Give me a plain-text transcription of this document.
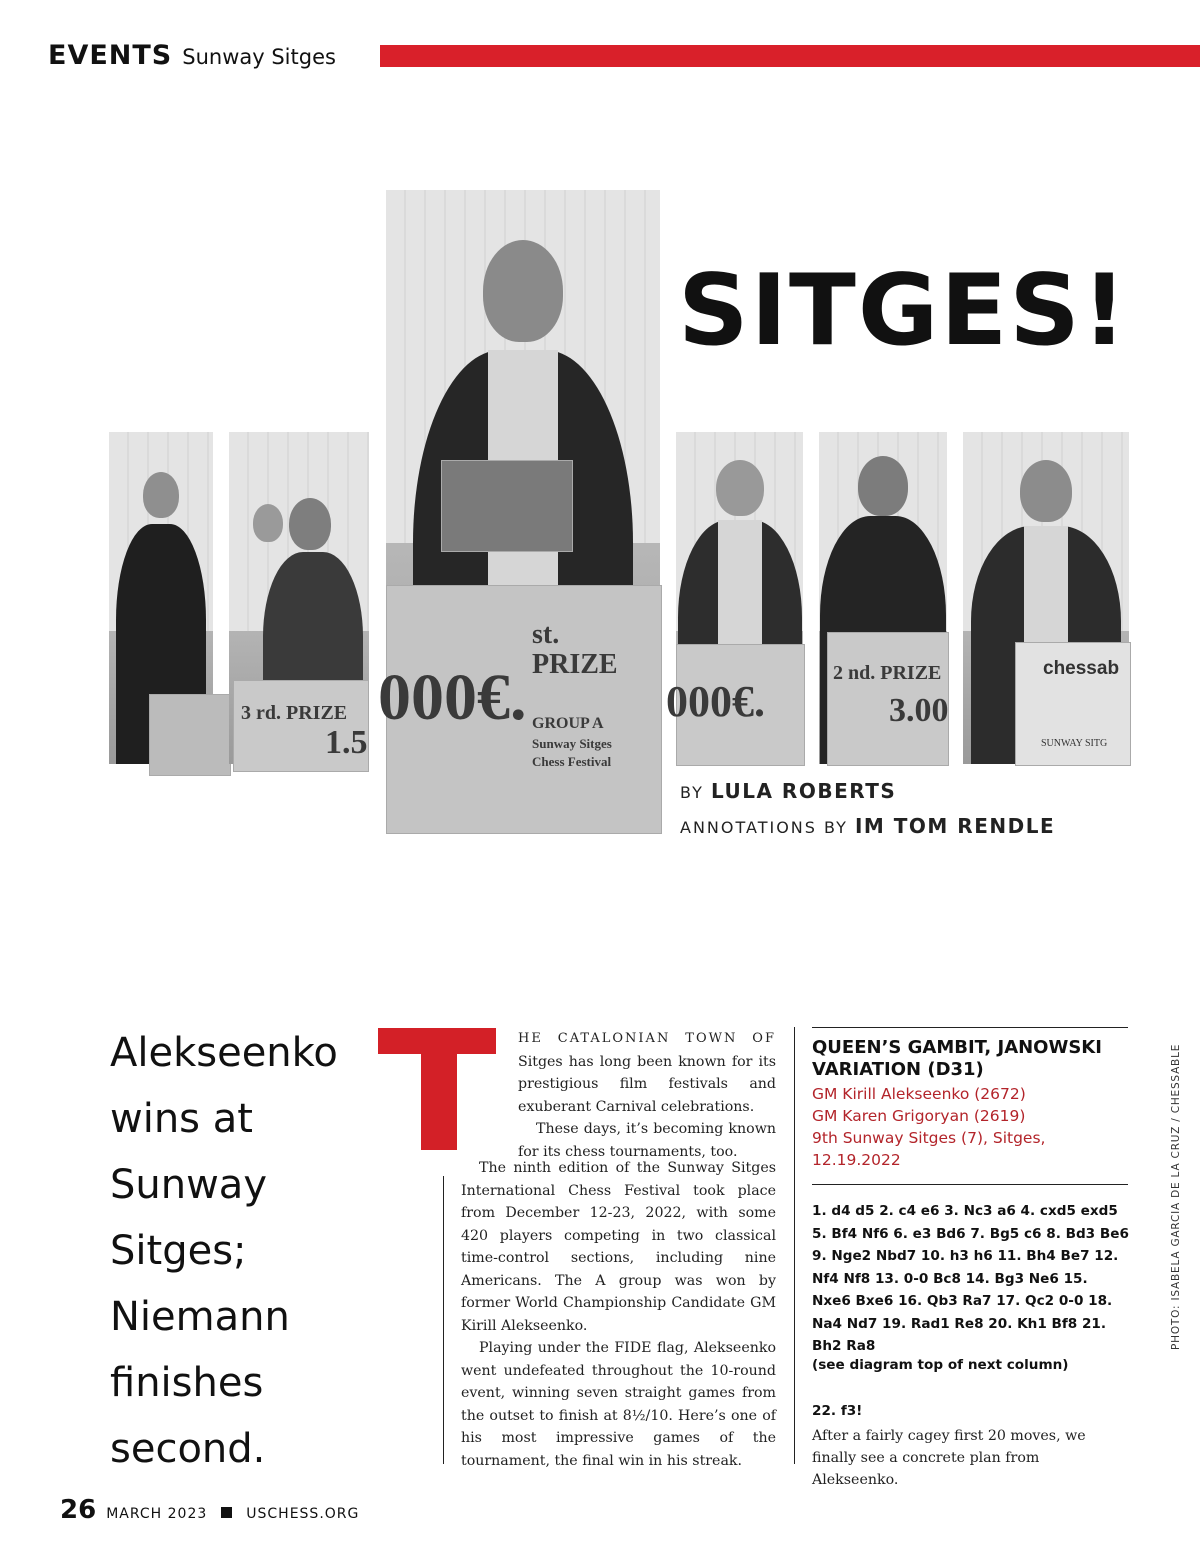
EVENTS Sunway Sitges
3 rd. PRIZE
1.5
000€.
st.
PRIZE
GROUP A
Sunway Sitges
Chess Festival
SITGES!
000€.
2 nd. PRIZE
3.00
chessab
SUNWAY SITG
BY LULA ROBERTS
ANNOTATIONS BY IM TOM RENDLE
Alekseenko wins at Sunway Sitges; Niemann finishes second.

HE CATALONIAN TOWN OF Sitges has long been known for its prestigious film festivals and exuberant Carnival celebrations.

These days, it’s becoming known for its chess tournaments, too.

The ninth edition of the Sunway Sitges International Chess Festival took place from December 12-23, 2022, with some 420 players competing in two classical time-control sections, including nine Americans. The A group was won by former World Championship Candidate GM Kirill Alekseenko.

Playing under the FIDE flag, Alekseenko went undefeated throughout the 10-round event, winning seven straight games from the outset to finish at 8½/10. Here’s one of his most impressive games of the tournament, the final win in his streak.

QUEEN’S GAMBIT, JANOWSKI VARIATION (D31)
GM Kirill Alekseenko (2672)
GM Karen Grigoryan (2619)
9th Sunway Sitges (7), Sitges, 12.19.2022
1. d4 d5 2. c4 e6 3. Nc3 a6 4. cxd5 exd5 5. Bf4 Nf6 6. e3 Bd6 7. Bg5 c6 8. Bd3 Be6 9. Nge2 Nbd7 10. h3 h6 11. Bh4 Be7 12. Nf4 Nf8 13. 0-0 Bc8 14. Bg3 Ne6 15. Nxe6 Bxe6 16. Qb3 Ra7 17. Qc2 0-0 18. Na4 Nd7 19. Rad1 Re8 20. Kh1 Bf8 21. Bh2 Ra8
(see diagram top of next column)
22. f3!
After a fairly cagey first 20 moves, we finally see a concrete plan from Alekseenko.
PHOTO: ISABELA GARCIA DE LA CRUZ / CHESSABLE
26 MARCH 2023	USCHESS.ORG
